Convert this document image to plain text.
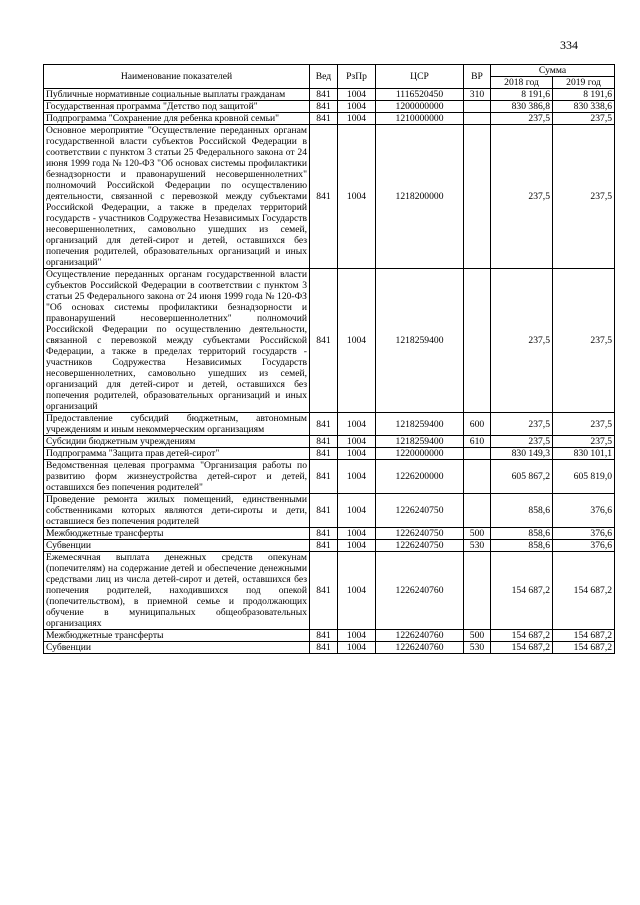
334
Наименование показателей	Вед	РзПр	ЦСР	ВР	Сумма	
					2018 год	2019 год
Публичные нормативные социальные выплаты гражданам	841	1004	1116520450	310	8 191,6	8 191,6
Государственная программа "Детство под защитой"	841	1004	1200000000		830 386,8	830 338,6
Подпрограмма "Сохранение для ребенка кровной семьи"	841	1004	1210000000		237,5	237,5
Основное мероприятие "Осуществление переданных органам государственной власти субъектов Российской Федерации в соответствии с пунктом 3 статьи 25 Федерального закона от 24 июня 1999 года № 120-ФЗ "Об основах системы профилактики безнадзорности и правонарушений несовершеннолетних" полномочий Российской Федерации по осуществлению деятельности, связанной с перевозкой между субъектами Российской Федерации, а также в пределах территорий государств - участников Содружества Независимых Государств несовершеннолетних, самовольно ушедших из семей, организаций для детей-сирот и детей, оставшихся без попечения родителей, образовательных организаций и иных организаций"	841	1004	1218200000		237,5	237,5
Осуществление переданных органам государственной власти субъектов Российской Федерации в соответствии с пунктом 3 статьи 25 Федерального закона от 24 июня 1999 года № 120-ФЗ "Об основах системы профилактики безнадзорности и правонарушений несовершеннолетних" полномочий Российской Федерации по осуществлению деятельности, связанной с перевозкой между субъектами Российской Федерации, а также в пределах территорий государств - участников Содружества Независимых Государств несовершеннолетних, самовольно ушедших из семей, организаций для детей-сирот и детей, оставшихся без попечения родителей, образовательных организаций и иных организаций	841	1004	1218259400		237,5	237,5
Предоставление субсидий бюджетным, автономным учреждениям и иным некоммерческим организациям	841	1004	1218259400	600	237,5	237,5
Субсидии бюджетным учреждениям	841	1004	1218259400	610	237,5	237,5
Подпрограмма "Защита прав детей-сирот"	841	1004	1220000000		830 149,3	830 101,1
Ведомственная целевая программа "Организация работы по развитию форм жизнеустройства детей-сирот и детей, оставшихся без попечения родителей"	841	1004	1226200000		605 867,2	605 819,0
Проведение ремонта жилых помещений, единственными собственниками которых являются дети-сироты и дети, оставшиеся без попечения родителей	841	1004	1226240750		858,6	376,6
Межбюджетные трансферты	841	1004	1226240750	500	858,6	376,6
Субвенции	841	1004	1226240750	530	858,6	376,6
Ежемесячная выплата денежных средств опекунам (попечителям) на содержание детей и обеспечение денежными средствами лиц из числа детей-сирот и детей, оставшихся без попечения родителей, находившихся под опекой (попечительством), в приемной семье и продолжающих обучение в муниципальных общеобразовательных организациях	841	1004	1226240760		154 687,2	154 687,2
Межбюджетные трансферты	841	1004	1226240760	500	154 687,2	154 687,2
Субвенции	841	1004	1226240760	530	154 687,2	154 687,2
